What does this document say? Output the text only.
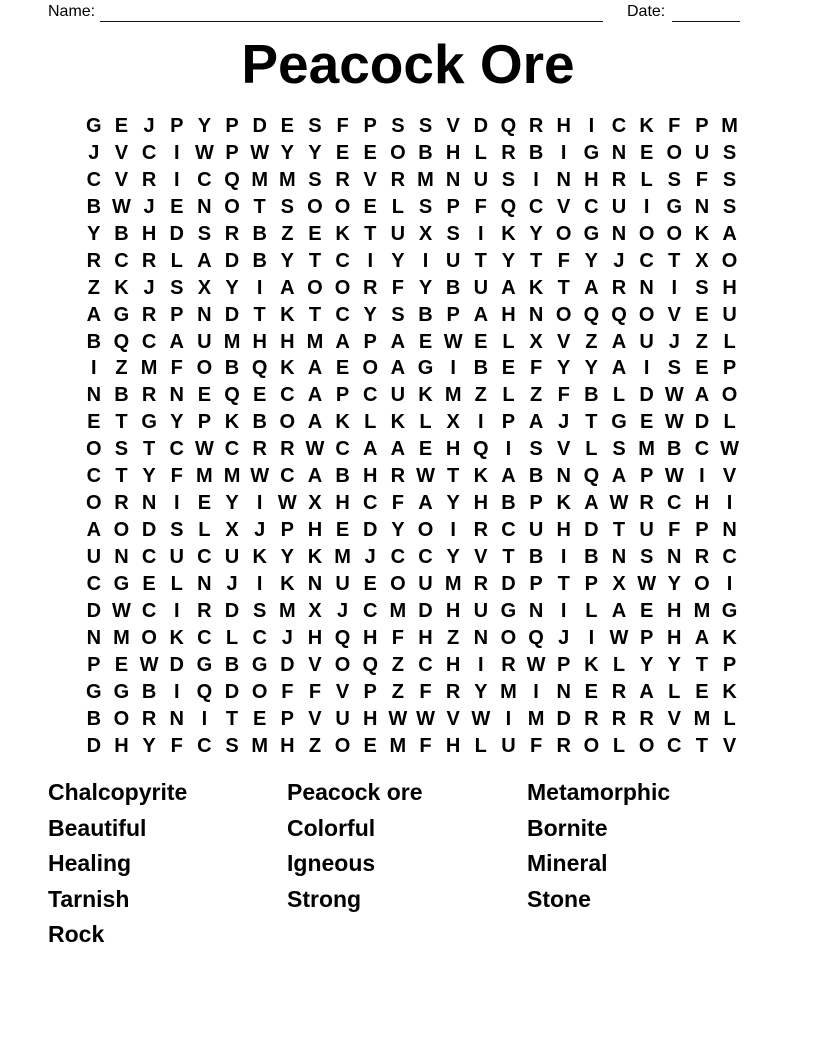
Name:	Date:
Peacock Ore
G E J P Y P D E S F P S S V D Q R H I C K F P M
J V C I W P W Y Y E E O B H L R B I G N E O U S
C V R I C Q M M S R V R M N U S I N H R L S F S
B W J E N O T S O O E L S P F Q C V C U I G N S
Y B H D S R B Z E K T U X S I K Y O G N O O K A
R C R L A D B Y T C I Y I U T Y T F Y J C T X O
Z K J S X Y I A O O R F Y B U A K T A R N I S H
A G R P N D T K T C Y S B P A H N O Q Q O V E U
B Q C A U M H H M A P A E W E L X V Z A U J Z L
I Z M F O B Q K A E O A G I B E F Y Y A I S E P
N B R N E Q E C A P C U K M Z L Z F B L D W A O
E T G Y P K B O A K L K L X I P A J T G E W D L
O S T C W C R R W C A A E H Q I S V L S M B C W
C T Y F M M W C A B H R W T K A B N Q A P W I V
O R N I E Y I W X H C F A Y H B P K A W R C H I
A O D S L X J P H E D Y O I R C U H D T U F P N
U N C U C U K Y K M J C C Y V T B I B N S N R C
C G E L N J I K N U E O U M R D P T P X W Y O I
D W C I R D S M X J C M D H U G N I L A E H M G
N M O K C L C J H Q H F H Z N O Q J I W P H A K
P E W D G B G D V O Q Z C H I R W P K L Y Y T P
G G B I Q D O F F V P Z F R Y M I N E R A L E K
B O R N I T E P V U H W W V W I M D R R R V M L
D H Y F C S M H Z O E M F H L U F R O L O C T V
Chalcopyrite
Beautiful
Healing
Tarnish
Rock
Peacock ore
Colorful
Igneous
Strong
Metamorphic
Bornite
Mineral
Stone
